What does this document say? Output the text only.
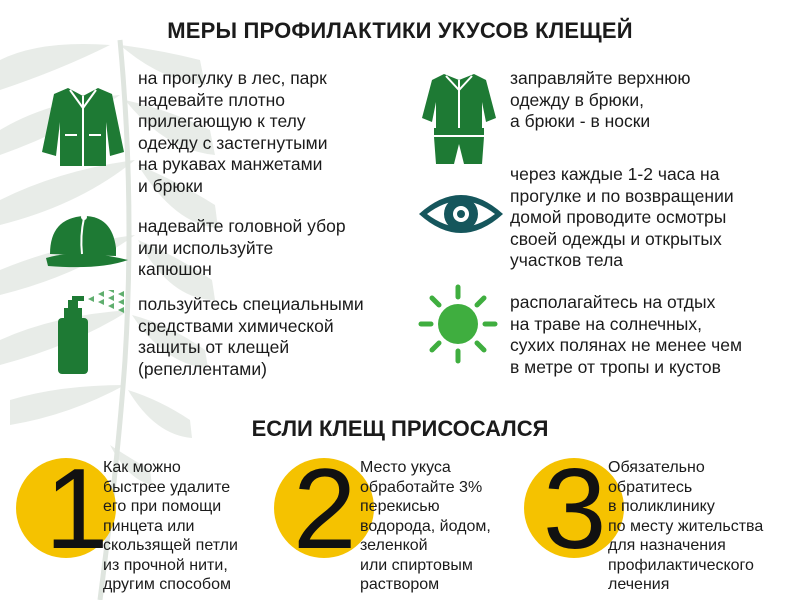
МЕРЫ ПРОФИЛАКТИКИ УКУСОВ КЛЕЩЕЙ
на прогулку в лес, парк
надевайте плотно
прилегающую к телу
одежду с застегнутыми
на рукавах манжетами
и брюки
надевайте головной убор
или используйте
капюшон
пользуйтесь специальными
средствами химической
защиты от клещей
(репеллентами)
заправляйте верхнюю
одежду в брюки,
а брюки - в носки
через каждые 1-2 часа на
прогулке и по возвращении
домой проводите осмотры
своей одежды и открытых
участков тела
располагайтесь на отдых
на траве на солнечных,
сухих полянах не менее чем
в метре от тропы и кустов
ЕСЛИ КЛЕЩ ПРИСОСАЛСЯ
1
Как можно
быстрее удалите
его при помощи
пинцета или
скользящей петли
из прочной нити,
другим способом
2 Место укуса
обработайте 3%
перекисью
водорода, йодом,
зеленкой
или спиртовым
раствором
3 Обязательно
обратитесь
в поликлинику
по месту жительства
для назначения
профилактического
лечения
